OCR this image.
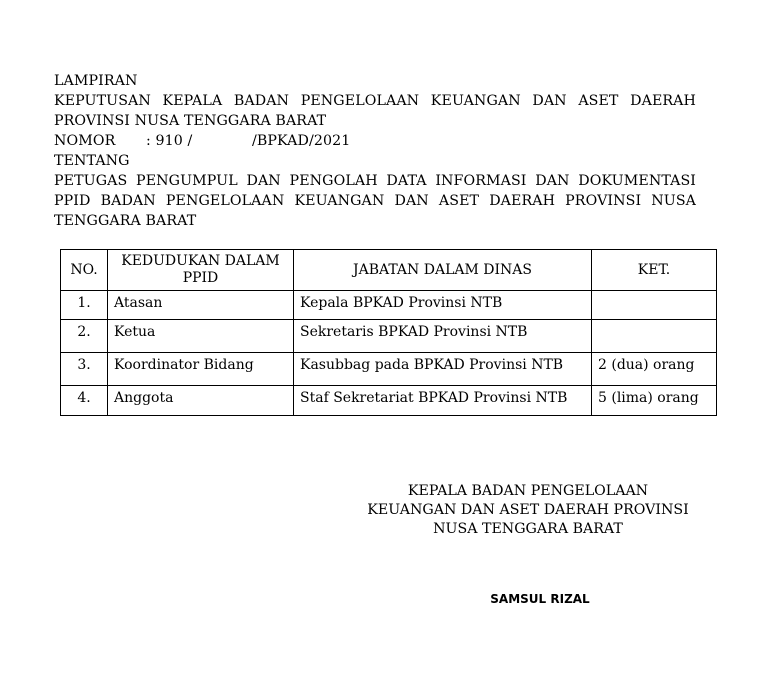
LAMPIRAN
KEPUTUSAN KEPALA BADAN PENGELOLAAN KEUANGAN DAN ASET DAERAH
PROVINSI NUSA TENGGARA BARAT
NOMOR : 910 /	/BPKAD/2021
TENTANG
PETUGAS PENGUMPUL DAN PENGOLAH DATA INFORMASI DAN DOKUMENTASI
PPID BADAN PENGELOLAAN KEUANGAN DAN ASET DAERAH PROVINSI NUSA
TENGGARA BARAT
NO.	KEDUDUKAN DALAM PPID	JABATAN DALAM DINAS	KET.
1.	Atasan	Kepala BPKAD Provinsi NTB	
2.	Ketua	Sekretaris BPKAD Provinsi NTB	
3.	Koordinator Bidang	Kasubbag pada BPKAD Provinsi NTB	2 (dua) orang
4.	Anggota	Staf Sekretariat BPKAD Provinsi NTB	5 (lima) orang
KEPALA BADAN PENGELOLAAN
KEUANGAN DAN ASET DAERAH PROVINSI
NUSA TENGGARA BARAT
SAMSUL RIZAL
